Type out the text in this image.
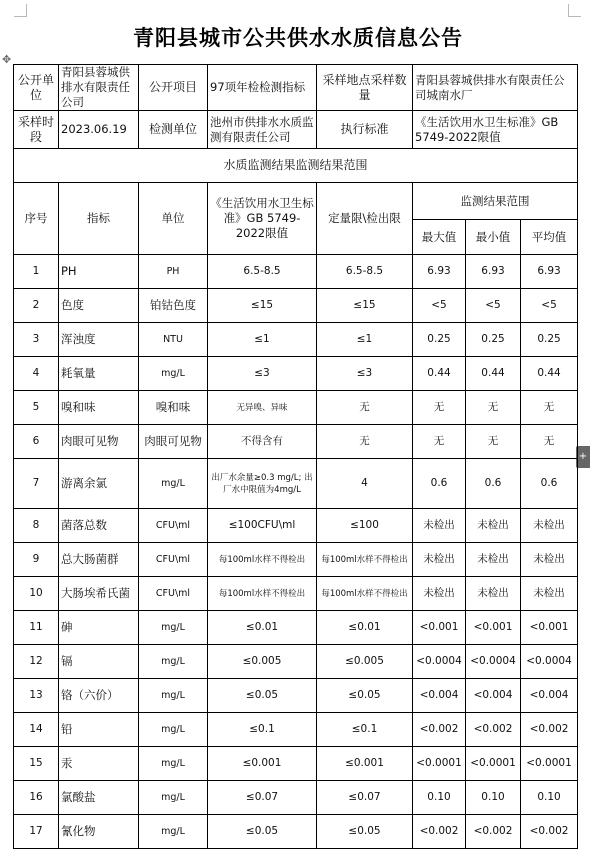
✥
+
青阳县城市公共供水水质信息公告
公开单位	青阳县蓉城供排水有限责任公司	公开项目	97项年检检测指标	采样地点采样数量	青阳县蓉城供排水有限责任公司城南水厂		
采样时段	2023.06.19	检测单位	池州市供排水水质监测有限责任公司	执行标准	《生活饮用水卫生标准》GB 5749-2022限值		
水质监测结果监测结果范围							
序号	指标	单位	《生活饮用水卫生标准》GB 5749-2022限值	定量限\检出限	监测结果范围		
					最大值	最小值	平均值
1	PH	PH	6.5-8.5	6.5-8.5	6.93	6.93	6.93
2	色度	铂钴色度	≤15	≤15	<5	<5	<5
3	浑浊度	NTU	≤1	≤1	0.25	0.25	0.25
4	耗氧量	mg/L	≤3	≤3	0.44	0.44	0.44
5	嗅和味	嗅和味	无异嗅、异味	无	无	无	无
6	肉眼可见物	肉眼可见物	不得含有	无	无	无	无
7	游离余氯	mg/L	出厂水余量≥0.3 mg/L; 出厂水中限值为4mg/L	4	0.6	0.6	0.6
8	菌落总数	CFU\ml	≤100CFU\ml	≤100	未检出	未检出	未检出
9	总大肠菌群	CFU\ml	每100ml水样不得检出	每100ml水样不得检出	未检出	未检出	未检出
10	大肠埃希氏菌	CFU\ml	每100ml水样不得检出	每100ml水样不得检出	未检出	未检出	未检出
11	砷	mg/L	≤0.01	≤0.01	<0.001	<0.001	<0.001
12	镉	mg/L	≤0.005	≤0.005	<0.0004	<0.0004	<0.0004
13	铬（六价）	mg/L	≤0.05	≤0.05	<0.004	<0.004	<0.004
14	铅	mg/L	≤0.1	≤0.1	<0.002	<0.002	<0.002
15	汞	mg/L	≤0.001	≤0.001	<0.0001	<0.0001	<0.0001
16	氯酸盐	mg/L	≤0.07	≤0.07	0.10	0.10	0.10
17	氰化物	mg/L	≤0.05	≤0.05	<0.002	<0.002	<0.002
